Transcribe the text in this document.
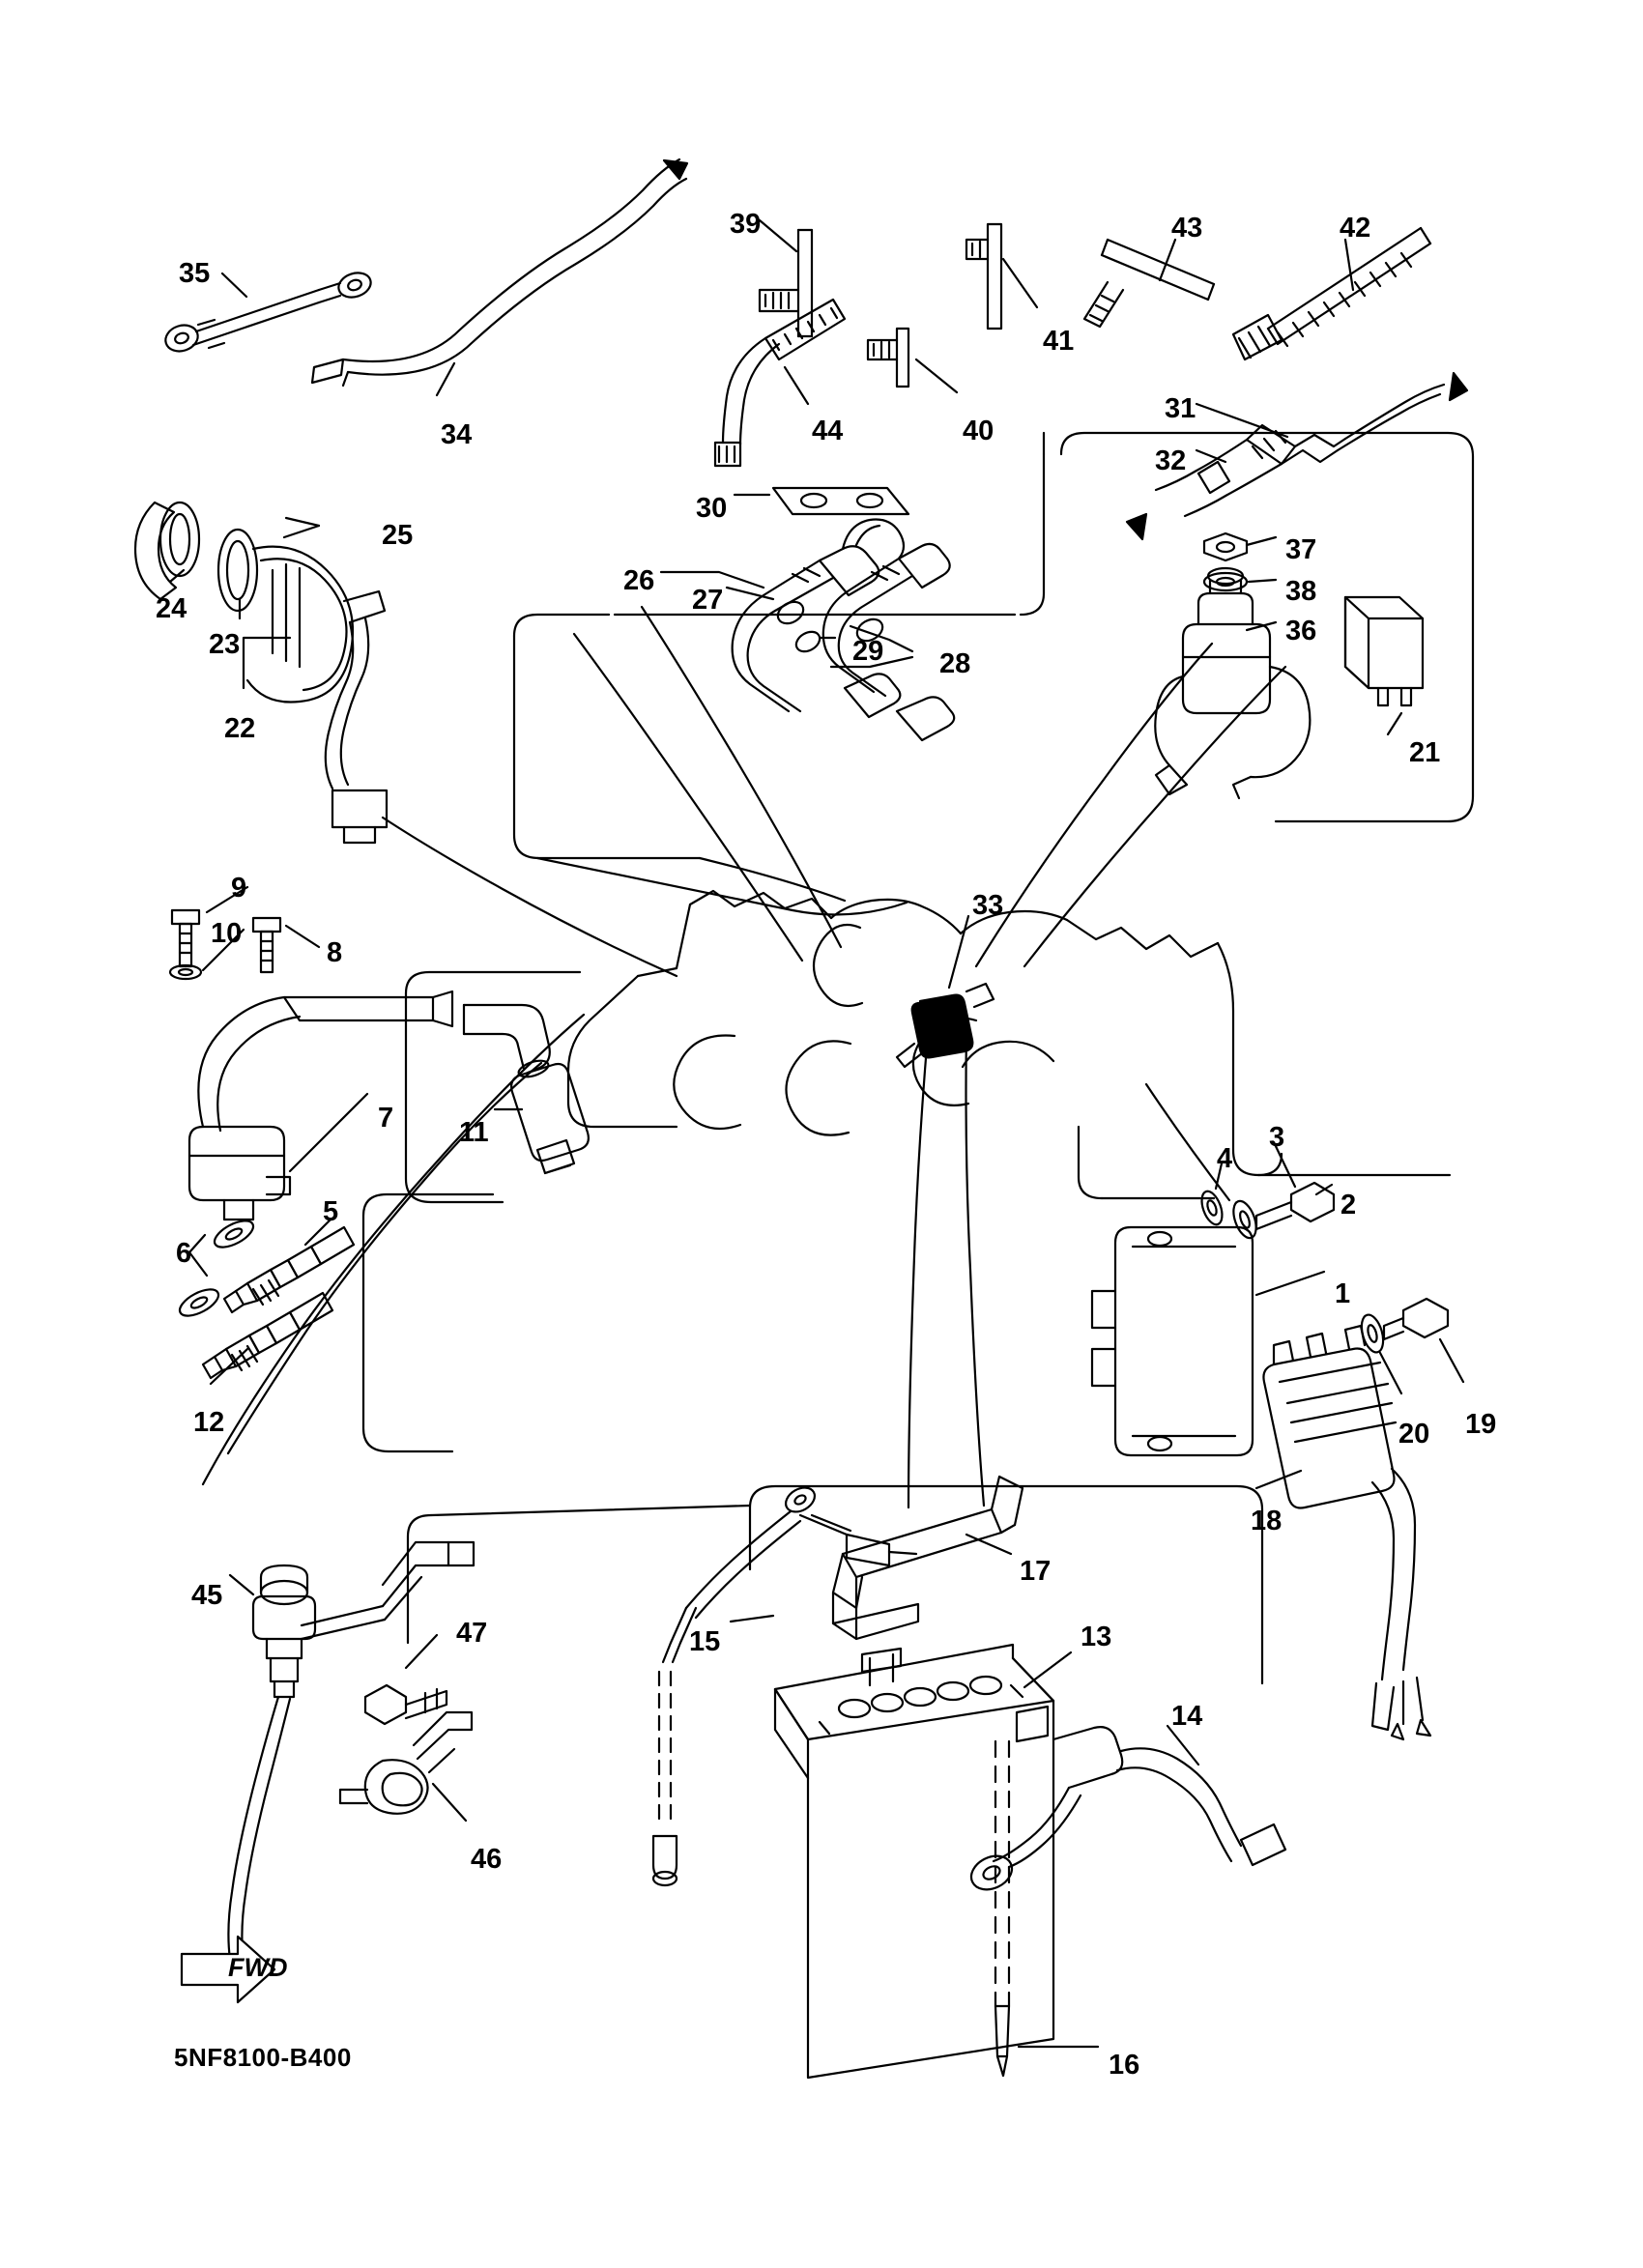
1
2
3
4
5
6
7
8
9
10
11
12
13
14
15
16
17
18
19
20
21
22
23
24
25
26
27
28
29
30
31
32
33
34
35
36
37
38
39
40
41
42
43
44
45
46
47
FWD
5NF8100-B400
